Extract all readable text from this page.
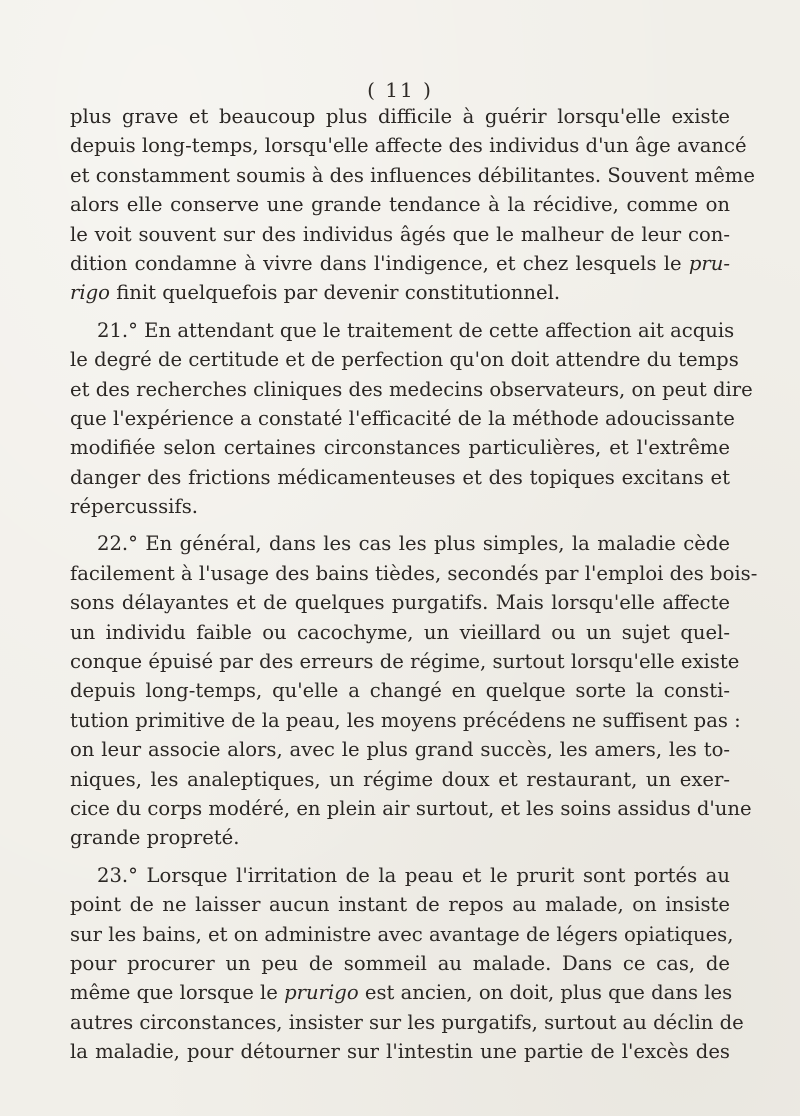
( 11 )
plus grave et beaucoup plus difficile à guérir lorsqu'elle existe
depuis long-temps, lorsqu'elle affecte des individus d'un âge avancé
et constamment soumis à des influences débilitantes. Souvent même
alors elle conserve une grande tendance à la récidive, comme on
le voit souvent sur des individus âgés que le malheur de leur con-
dition condamne à vivre dans l'indigence, et chez lesquels le pru-
rigo finit quelquefois par devenir constitutionnel.
21.° En attendant que le traitement de cette affection ait acquis
le degré de certitude et de perfection qu'on doit attendre du temps
et des recherches cliniques des medecins observateurs, on peut dire
que l'expérience a constaté l'efficacité de la méthode adoucissante
modifiée selon certaines circonstances particulières, et l'extrême
danger des frictions médicamenteuses et des topiques excitans et
répercussifs.
22.° En général, dans les cas les plus simples, la maladie cède
facilement à l'usage des bains tièdes, secondés par l'emploi des bois-
sons délayantes et de quelques purgatifs. Mais lorsqu'elle affecte
un individu faible ou cacochyme, un vieillard ou un sujet quel-
conque épuisé par des erreurs de régime, surtout lorsqu'elle existe
depuis long-temps, qu'elle a changé en quelque sorte la consti-
tution primitive de la peau, les moyens précédens ne suffisent pas :
on leur associe alors, avec le plus grand succès, les amers, les to-
niques, les analeptiques, un régime doux et restaurant, un exer-
cice du corps modéré, en plein air surtout, et les soins assidus d'une
grande propreté.
23.° Lorsque l'irritation de la peau et le prurit sont portés au
point de ne laisser aucun instant de repos au malade, on insiste
sur les bains, et on administre avec avantage de légers opiatiques,
pour procurer un peu de sommeil au malade. Dans ce cas, de
même que lorsque le prurigo est ancien, on doit, plus que dans les
autres circonstances, insister sur les purgatifs, surtout au déclin de
la maladie, pour détourner sur l'intestin une partie de l'excès des
